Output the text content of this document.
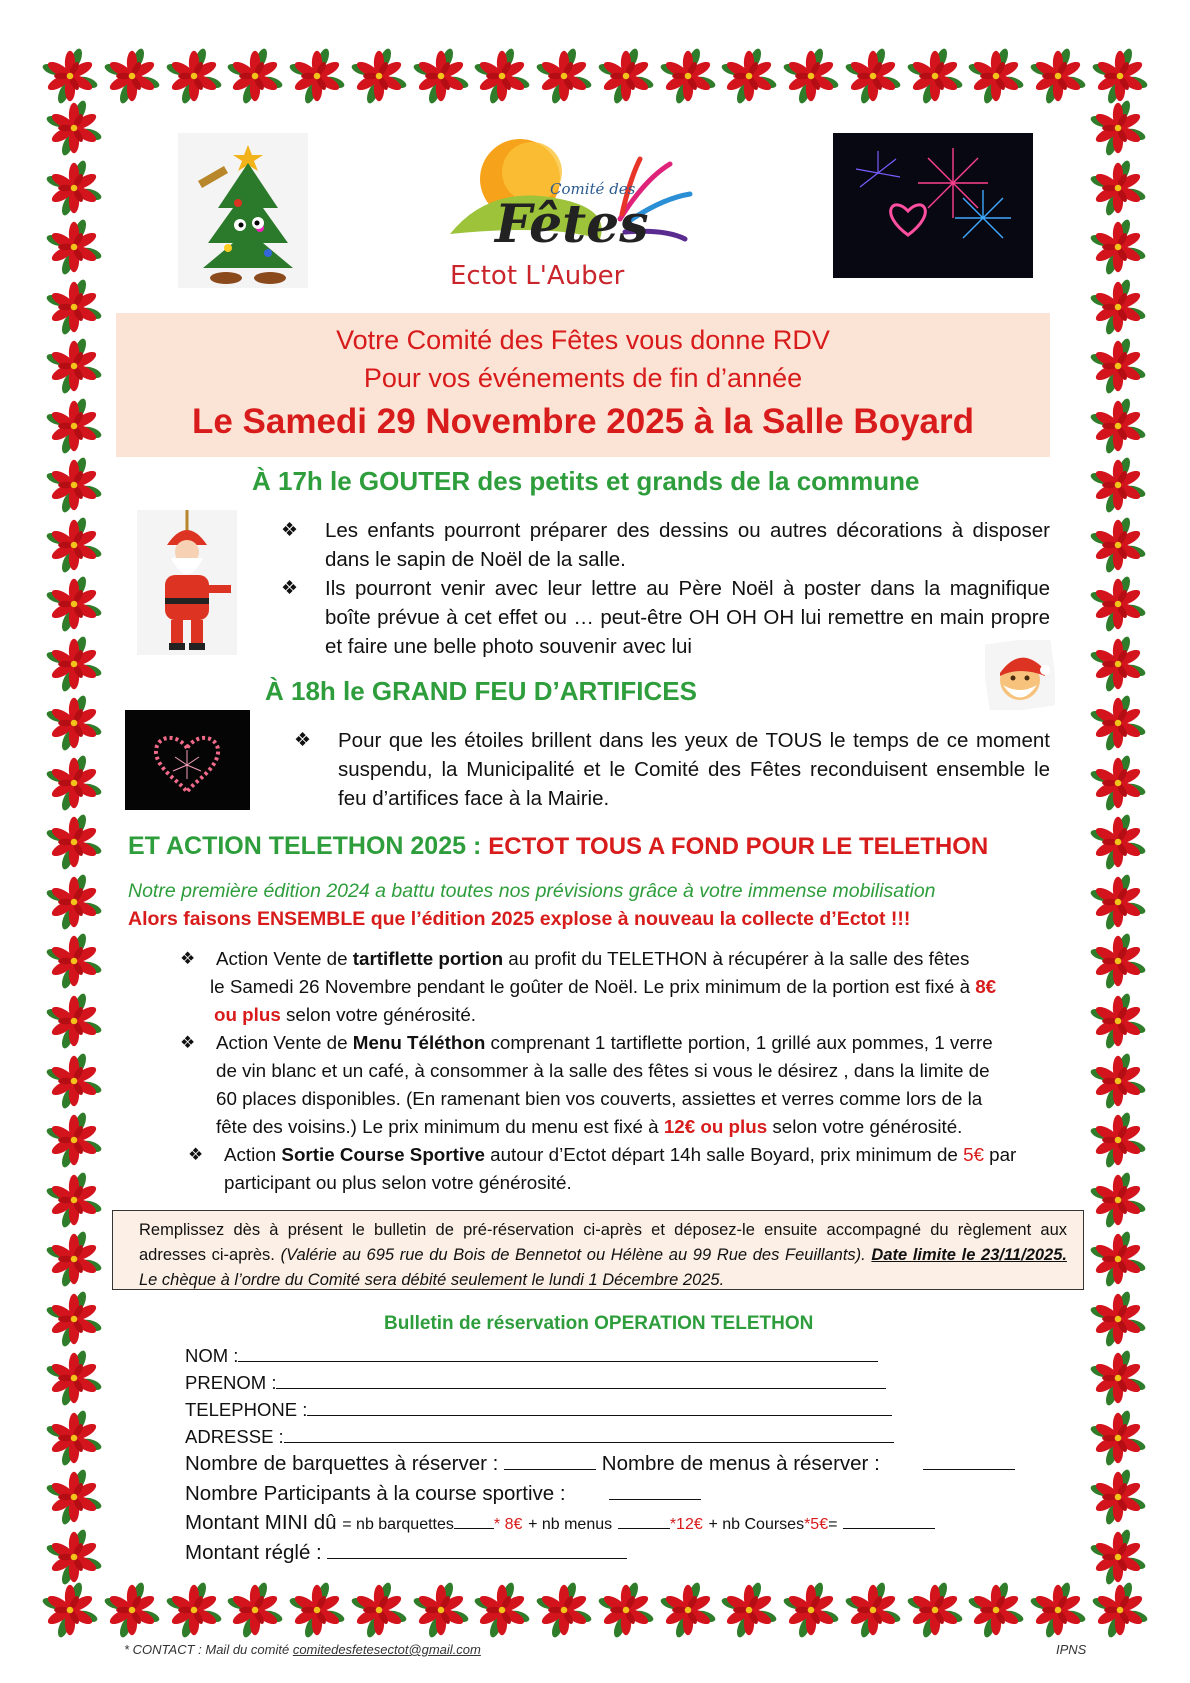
Comité des
Fêtes
Ectot L'Auber
Votre Comité des Fêtes vous donne RDV
Pour vos événements de fin d’année
Le Samedi 29 Novembre 2025 à la Salle Boyard
À 17h le GOUTER des petits et grands de la commune
❖ Les enfants pourront préparer des dessins ou autres décorations à disposer dans le sapin de Noël de la salle.
❖ Ils pourront venir avec leur lettre au Père Noël à poster dans la magnifique boîte prévue à cet effet ou … peut-être OH OH OH lui remettre en main propre et faire une belle photo souvenir avec lui
À 18h le GRAND FEU D’ARTIFICES
❖ Pour que les étoiles brillent dans les yeux de TOUS le temps de ce moment suspendu, la Municipalité et le Comité des Fêtes reconduisent ensemble le feu d’artifices face à la Mairie.
ET ACTION TELETHON 2025 : ECTOT TOUS A FOND POUR LE TELETHON
Notre première édition 2024 a battu toutes nos prévisions grâce à votre immense mobilisation
Alors faisons ENSEMBLE que l’édition 2025 explose à nouveau la collecte d’Ectot !!!
❖ Action Vente de tartiflette portion au profit du TELETHON à récupérer à la salle des fêtes
le Samedi 26 Novembre pendant le goûter de Noël. Le prix minimum de la portion est fixé à 8€
ou plus selon votre générosité.
❖ Action Vente de Menu Téléthon comprenant 1 tartiflette portion, 1 grillé aux pommes, 1 verre
de vin blanc et un café, à consommer à la salle des fêtes si vous le désirez , dans la limite de
60 places disponibles. (En ramenant bien vos couverts, assiettes et verres comme lors de la
fête des voisins.) Le prix minimum du menu est fixé à 12€ ou plus selon votre générosité.
❖ Action Sortie Course Sportive autour d’Ectot départ 14h salle Boyard, prix minimum de 5€ par
participant ou plus selon votre générosité.
Remplissez dès à présent le bulletin de pré-réservation ci-après et déposez-le ensuite accompagné du règlement aux adresses ci-après. (Valérie au 695 rue du Bois de Bennetot ou Hélène au 99 Rue des Feuillants). Date limite le 23/11/2025. Le chèque à l’ordre du Comité sera débité seulement le lundi 1 Décembre 2025.
Bulletin de réservation OPERATION TELETHON
NOM :
PRENOM :
TELEPHONE :
ADRESSE :
Nombre de barquettes à réserver :	Nombre de menus à réserver :
Nombre Participants à la course sportive :
Montant MINI dû = nb barquettes	* 8€ + nb menus	*12€ + nb Courses*5€=
Montant réglé :
* CONTACT : Mail du comité comitedesfetesectot@gmail.com	IPNS
